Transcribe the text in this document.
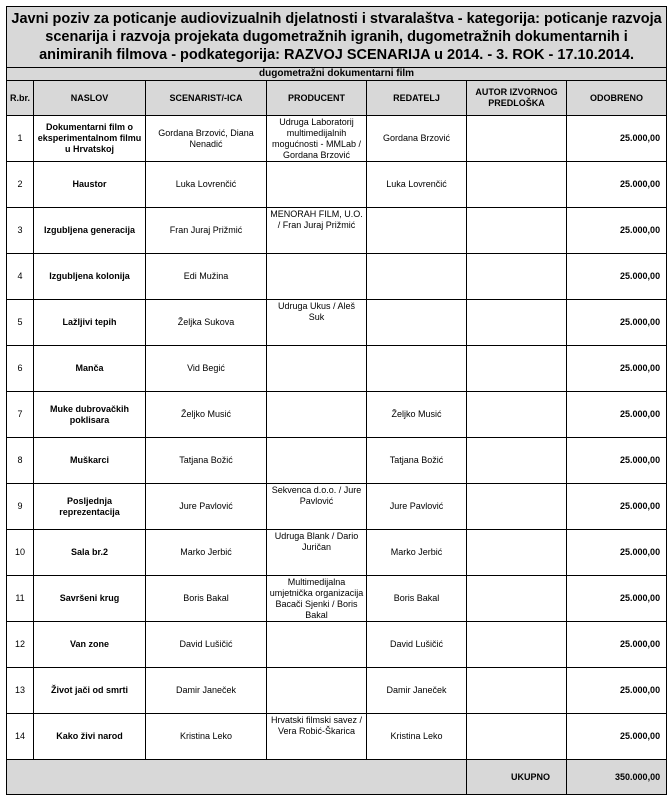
Javni poziv za poticanje audiovizualnih djelatnosti i stvaralaštva - kategorija: poticanje razvoja scenarija i razvoja projekata dugometražnih igranih, dugometražnih dokumentarnih i animiranih filmova - podkategorija: RAZVOJ SCENARIJA u 2014. - 3. ROK - 17.10.2014.						
dugometražni dokumentarni film						
R.br.	NASLOV	SCENARIST/-ICA	PRODUCENT	REDATELJ	AUTOR IZVORNOG PREDLOŠKA	ODOBRENO
1	Dokumentarni film o eksperimentalnom filmu u Hrvatskoj	Gordana Brzović, Diana Nenadić	Udruga Laboratorij multimedijalnih mogućnosti - MMLab / Gordana Brzović	Gordana Brzović		25.000,00
2	Haustor	Luka Lovrenčić		Luka Lovrenčić		25.000,00
3	Izgubljena generacija	Fran Juraj Prižmić	MENORAH FILM, U.O. / Fran Juraj Prižmić			25.000,00
4	Izgubljena kolonija	Edi Mužina				25.000,00
5	Lažljivi tepih	Željka Sukova	Udruga Ukus / Aleš Suk			25.000,00
6	Manča	Vid Begić				25.000,00
7	Muke dubrovačkih poklisara	Željko Musić		Željko Musić		25.000,00
8	Muškarci	Tatjana Božić		Tatjana Božić		25.000,00
9	Posljednja reprezentacija	Jure Pavlović	Sekvenca d.o.o. / Jure Pavlović	Jure Pavlović		25.000,00
10	Sala br.2	Marko Jerbić	Udruga Blank / Dario Juričan	Marko Jerbić		25.000,00
11	Savršeni krug	Boris Bakal	Multimedijalna umjetnička organizacija Bacači Sjenki / Boris Bakal	Boris Bakal		25.000,00
12	Van zone	David Lušičić		David Lušičić		25.000,00
13	Život jači od smrti	Damir Janeček		Damir Janeček		25.000,00
14	Kako živi narod	Kristina Leko	Hrvatski filmski savez / Vera Robić-Škarica	Kristina Leko		25.000,00
					UKUPNO	350.000,00
